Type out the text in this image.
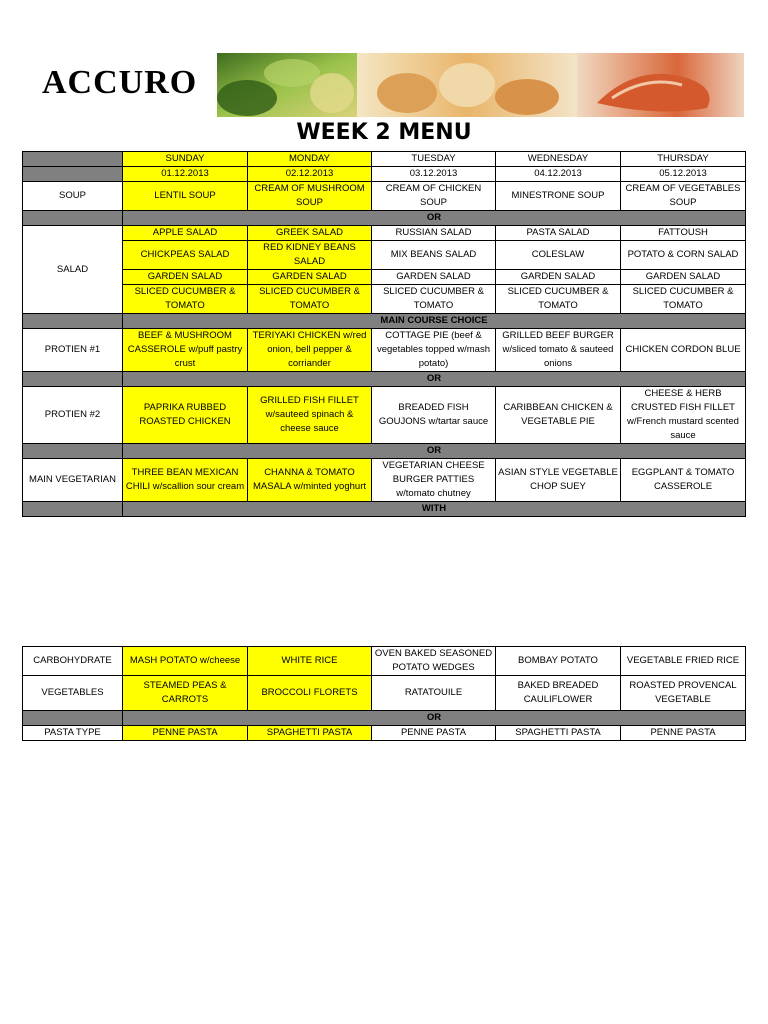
ACCURO
WEEK 2 MENU
	SUNDAY	MONDAY	TUESDAY	WEDNESDAY	THURSDAY
	01.12.2013	02.12.2013	03.12.2013	04.12.2013	05.12.2013
SOUP	LENTIL SOUP	CREAM OF MUSHROOM SOUP	CREAM OF CHICKEN SOUP	MINESTRONE SOUP	CREAM OF VEGETABLES SOUP
	OR				
SALAD	APPLE SALAD	GREEK SALAD	RUSSIAN SALAD	PASTA SALAD	FATTOUSH
	CHICKPEAS SALAD	RED KIDNEY BEANS SALAD	MIX BEANS SALAD	COLESLAW	POTATO & CORN SALAD
	GARDEN SALAD	GARDEN SALAD	GARDEN SALAD	GARDEN SALAD	GARDEN SALAD
	SLICED CUCUMBER & TOMATO	SLICED CUCUMBER & TOMATO	SLICED CUCUMBER & TOMATO	SLICED CUCUMBER & TOMATO	SLICED CUCUMBER & TOMATO
	MAIN COURSE CHOICE				
PROTIEN #1	BEEF & MUSHROOM CASSEROLE w/puff pastry crust	TERIYAKI CHICKEN w/red onion, bell pepper & corriander	COTTAGE PIE (beef & vegetables topped w/mash potato)	GRILLED BEEF BURGER w/sliced tomato & sauteed onions	CHICKEN CORDON BLUE
	OR				
PROTIEN #2	PAPRIKA RUBBED ROASTED CHICKEN	GRILLED FISH FILLET w/sauteed spinach & cheese sauce	BREADED FISH GOUJONS w/tartar sauce	CARIBBEAN CHICKEN & VEGETABLE PIE	CHEESE & HERB CRUSTED FISH FILLET w/French mustard scented sauce
	OR				
MAIN VEGETARIAN	THREE BEAN MEXICAN CHILI w/scallion sour cream	CHANNA & TOMATO MASALA w/minted yoghurt	VEGETARIAN CHEESE BURGER PATTIES w/tomato chutney	ASIAN STYLE VEGETABLE CHOP SUEY	EGGPLANT & TOMATO CASSEROLE
	WITH				
CARBOHYDRATE	MASH POTATO w/cheese	WHITE RICE	OVEN BAKED SEASONED POTATO WEDGES	BOMBAY POTATO	VEGETABLE FRIED RICE
VEGETABLES	STEAMED PEAS & CARROTS	BROCCOLI FLORETS	RATATOUILE	BAKED BREADED CAULIFLOWER	ROASTED PROVENCAL VEGETABLE
	OR				
PASTA TYPE	PENNE PASTA	SPAGHETTI PASTA	PENNE PASTA	SPAGHETTI PASTA	PENNE PASTA
